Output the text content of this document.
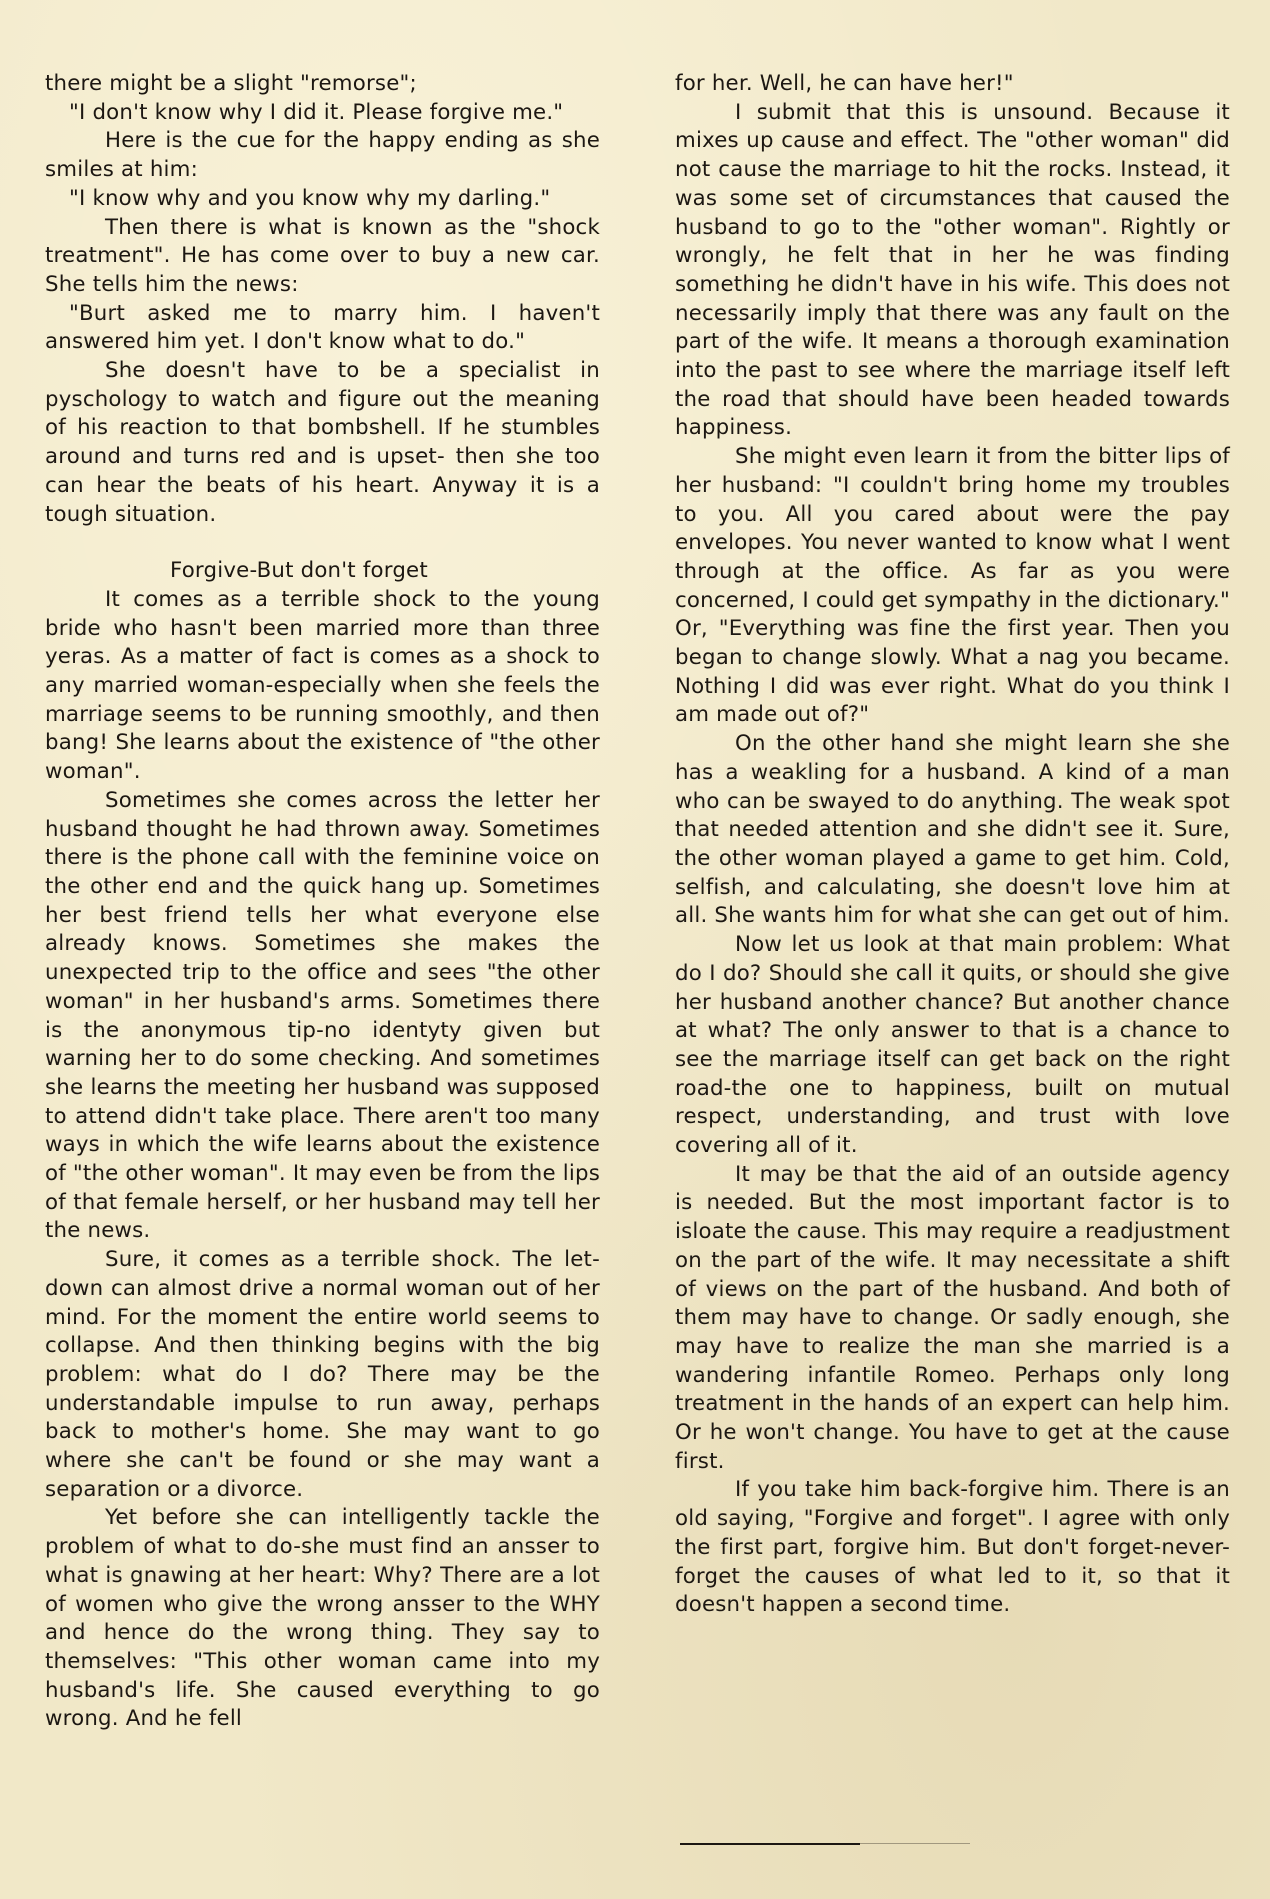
there might be a slight "remorse";

"I don't know why I did it. Please forgive me."

Here is the cue for the happy ending as she smiles at him:

"I know why and you know why my darling."

Then there is what is known as the "shock treatment". He has come over to buy a new car. She tells him the news:

"Burt asked me to marry him. I haven't answered him yet. I don't know what to do."

She doesn't have to be a specialist in pyschology to watch and figure out the meaning of his reaction to that bombshell. If he stumbles around and turns red and is upset- then she too can hear the beats of his heart. Anyway it is a tough situation.

Forgive-But don't forget

It comes as a terrible shock to the young bride who hasn't been married more than three yeras. As a matter of fact is comes as a shock to any married woman-especially when she feels the marriage seems to be running smoothly, and then bang! She learns about the existence of "the other woman".

Sometimes she comes across the letter her husband thought he had thrown away. Sometimes there is the phone call with the feminine voice on the other end and the quick hang up. Sometimes her best friend tells her what everyone else already knows. Sometimes she makes the unexpected trip to the office and sees "the other woman" in her husband's arms. Sometimes there is the anonymous tip-no identyty given but warning her to do some checking. And sometimes she learns the meeting her husband was supposed to attend didn't take place. There aren't too many ways in which the wife learns about the existence of "the other woman". It may even be from the lips of that female herself, or her husband may tell her the news.

Sure, it comes as a terrible shock. The let-down can almost drive a normal woman out of her mind. For the moment the entire world seems to collapse. And then thinking begins with the big problem: what do I do? There may be the understandable impulse to run away, perhaps back to mother's home. She may want to go where she can't be found or she may want a separation or a divorce.

Yet before she can intelligently tackle the problem of what to do-she must find an ansser to what is gnawing at her heart: Why? There are a lot of women who give the wrong ansser to the WHY and hence do the wrong thing. They say to themselves: "This other woman came into my husband's life. She caused everything to go wrong. And he fell

for her. Well, he can have her!"

I submit that this is unsound. Because it mixes up cause and effect. The "other woman" did not cause the marriage to hit the rocks. Instead, it was some set of circumstances that caused the husband to go to the "other woman". Rightly or wrongly, he felt that in her he was finding something he didn't have in his wife. This does not necessarily imply that there was any fault on the part of the wife. It means a thorough examination into the past to see where the marriage itself left the road that should have been headed towards happiness.

She might even learn it from the bitter lips of her husband: "I couldn't bring home my troubles to you. All you cared about were the pay envelopes. You never wanted to know what I went through at the office. As far as you were concerned, I could get sympathy in the dictionary." Or, "Everything was fine the first year. Then you began to change slowly. What a nag you became. Nothing I did was ever right. What do you think I am made out of?"

On the other hand she might learn she she has a weakling for a husband. A kind of a man who can be swayed to do anything. The weak spot that needed attention and she didn't see it. Sure, the other woman played a game to get him. Cold, selfish, and calculating, she doesn't love him at all. She wants him for what she can get out of him.

Now let us look at that main problem: What do I do? Should she call it quits, or should she give her husband another chance? But another chance at what? The only answer to that is a chance to see the marriage itself can get back on the right road-the one to happiness, built on mutual respect, understanding, and trust with love covering all of it.

It may be that the aid of an outside agency is needed. But the most important factor is to isloate the cause. This may require a readjustment on the part of the wife. It may necessitate a shift of views on the part of the husband. And both of them may have to change. Or sadly enough, she may have to realize the man she married is a wandering infantile Romeo. Perhaps only long treatment in the hands of an expert can help him. Or he won't change. You have to get at the cause first.

If you take him back-forgive him. There is an old saying, "Forgive and forget". I agree with only the first part, forgive him. But don't forget-never-forget the causes of what led to it, so that it doesn't happen a second time.
